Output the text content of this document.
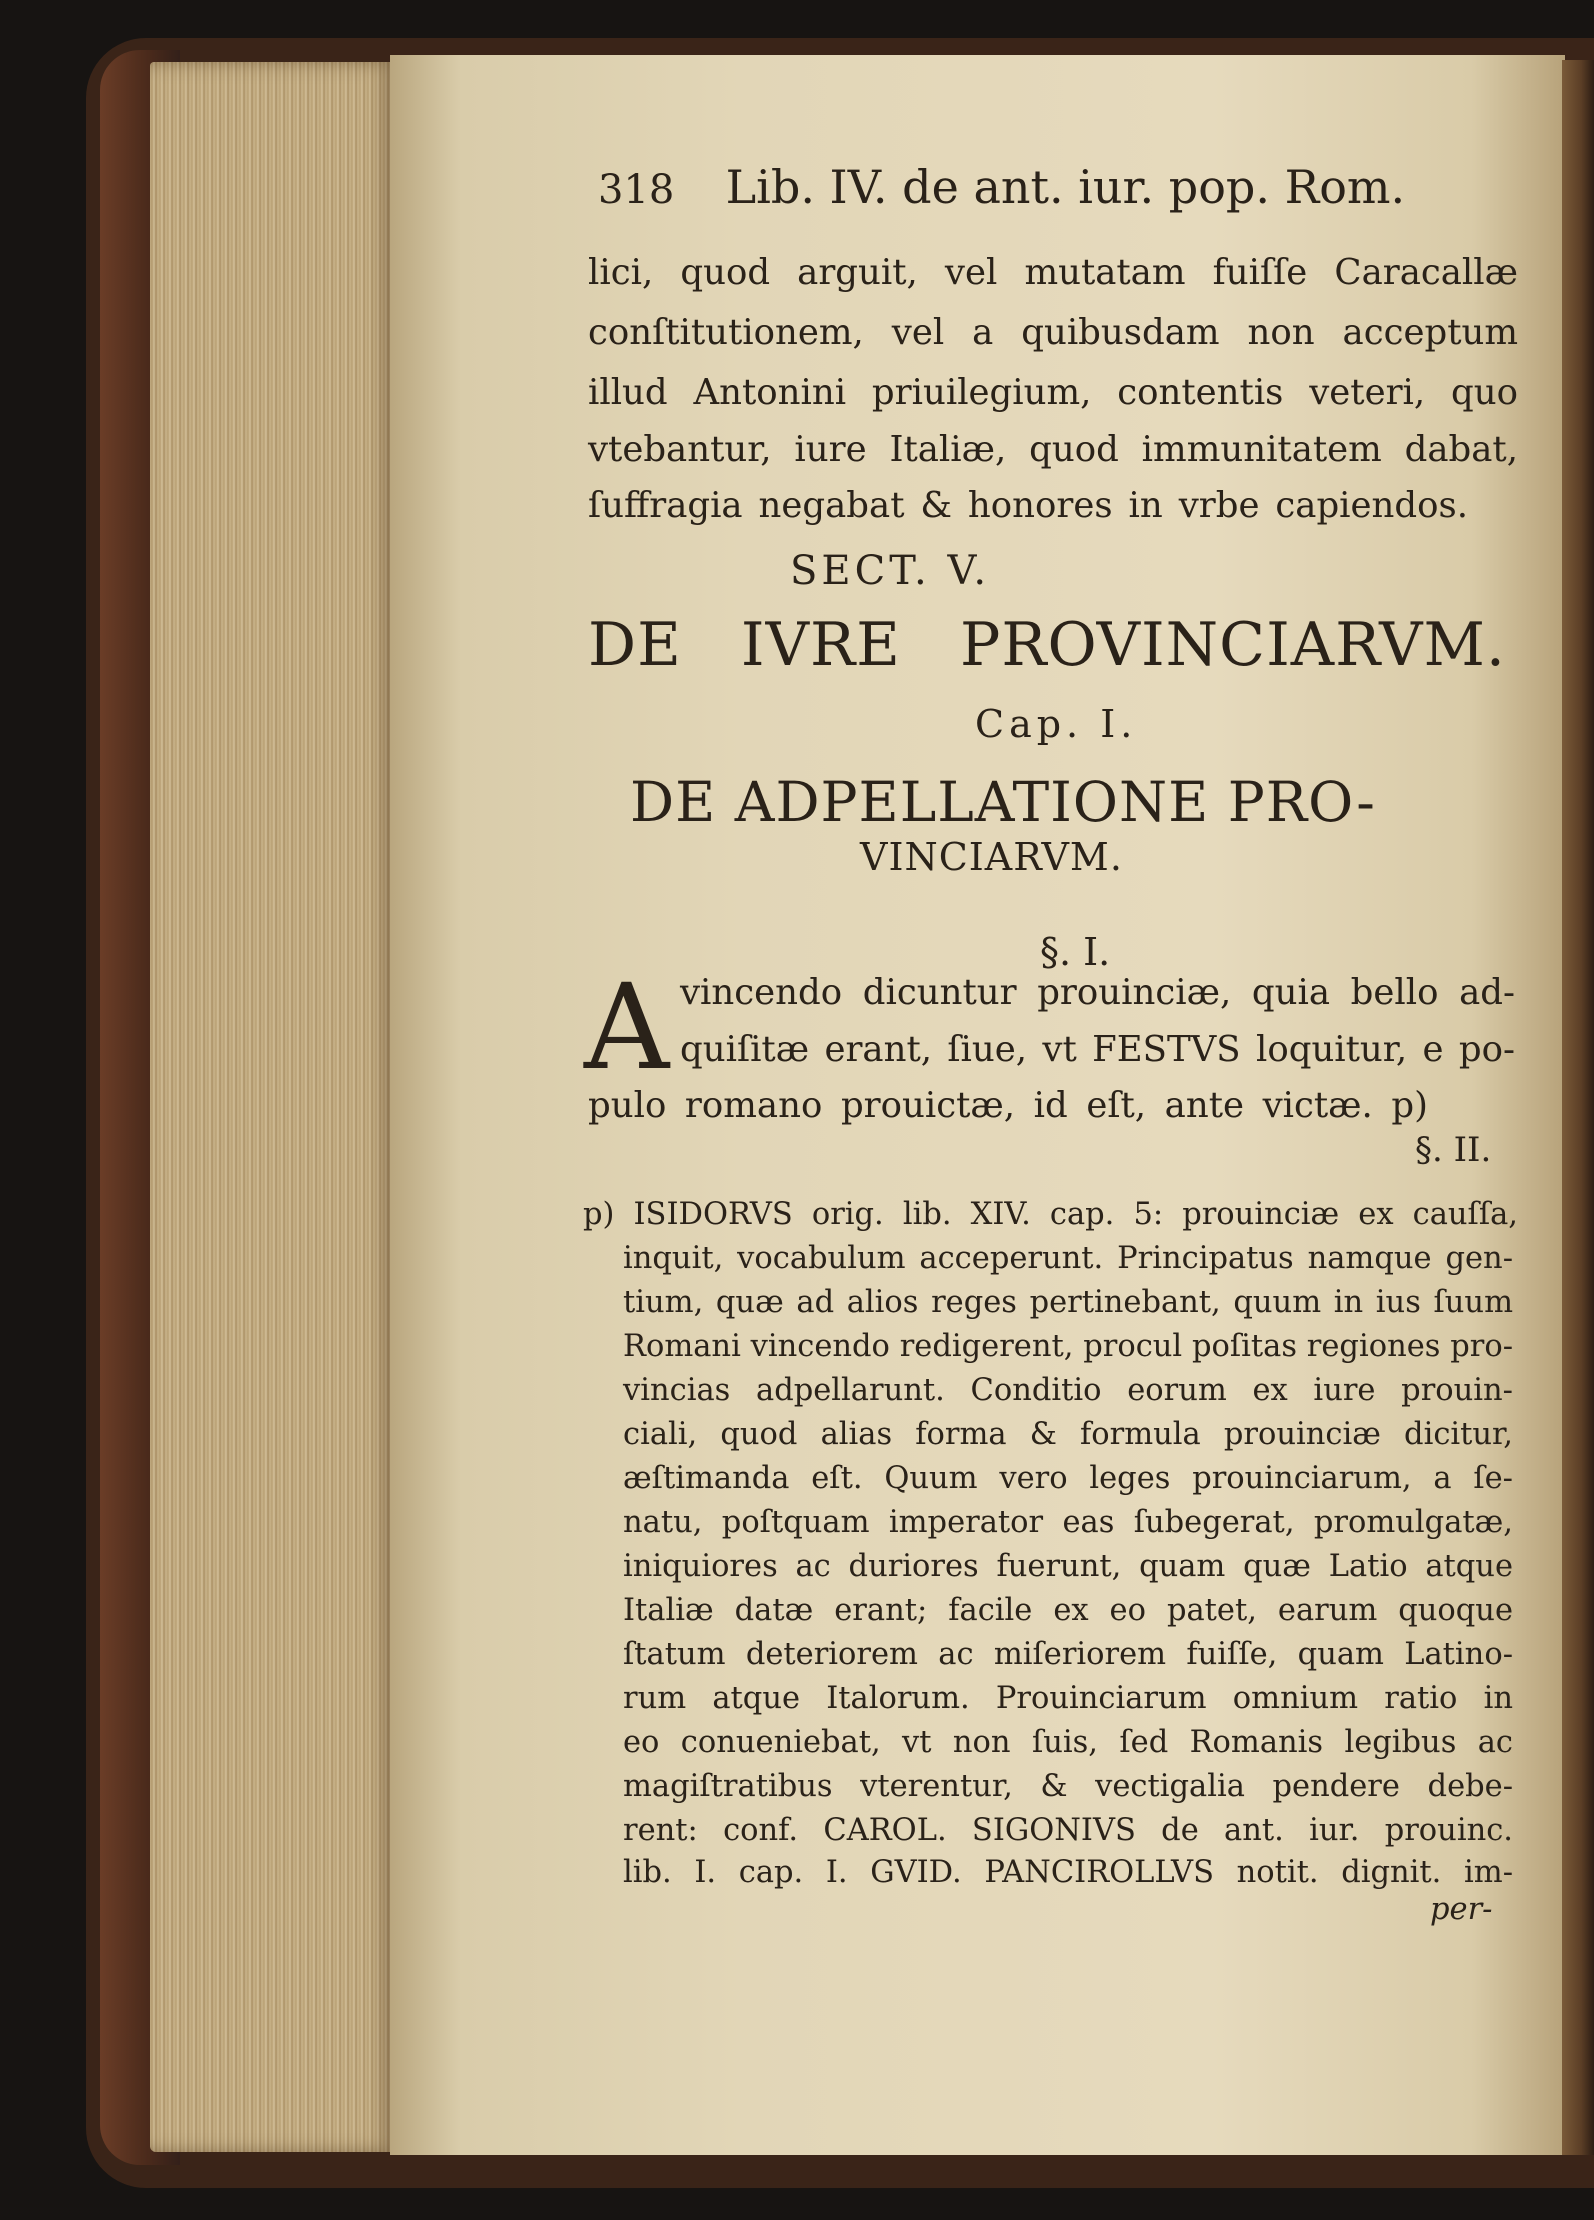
318 Lib. IV. de ant. iur. pop. Rom.
lici, quod arguit, vel mutatam fuiſſe Caracallæ
conſtitutionem, vel a quibusdam non acceptum
illud Antonini priuilegium, contentis veteri, quo
vtebantur, iure Italiæ, quod immunitatem dabat,
ſuffragia negabat & honores in vrbe capiendos.
SECT. V.
DE IVRE PROVINCIARVM.
Cap. I.
DE ADPELLATIONE PRO-
VINCIARVM.
§. I.
A vincendo dicuntur prouinciæ, quia bello ad-
quiſitæ erant, ſiue, vt FESTVS loquitur, e po-
pulo romano prouictæ, id eſt, ante victæ. p)
§. II.
p) ISIDORVS orig. lib. XIV. cap. 5: prouinciæ ex cauſſa,
inquit, vocabulum acceperunt. Principatus namque gen-
tium, quæ ad alios reges pertinebant, quum in ius ſuum
Romani vincendo redigerent, procul poſitas regiones pro-
vincias adpellarunt. Conditio eorum ex iure prouin-
ciali, quod alias forma & formula prouinciæ dicitur,
æſtimanda eſt. Quum vero leges prouinciarum, a ſe-
natu, poſtquam imperator eas ſubegerat, promulgatæ,
iniquiores ac duriores fuerunt, quam quæ Latio atque
Italiæ datæ erant; facile ex eo patet, earum quoque
ſtatum deteriorem ac miſeriorem fuiſſe, quam Latino-
rum atque Italorum. Prouinciarum omnium ratio in
eo conueniebat, vt non ſuis, ſed Romanis legibus ac
magiſtratibus vterentur, & vectigalia pendere debe-
rent: conf. CAROL. SIGONIVS de ant. iur. prouinc.
lib. I. cap. I. GVID. PANCIROLLVS notit. dignit. im-
per-
